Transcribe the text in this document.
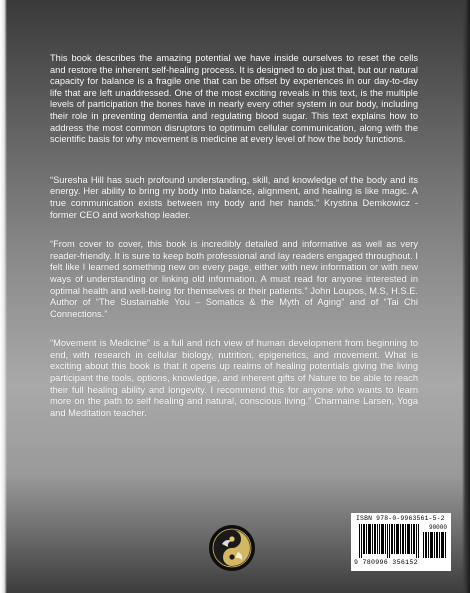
This book describes the amazing potential we have inside ourselves to reset the cells and restore the inherent self-healing process. It is designed to do just that, but our natural capacity for balance is a fragile one that can be offset by experiences in our day-to-day life that are left unaddressed. One of the most exciting reveals in this text, is the multiple levels of participation the bones have in nearly every other system in our body, including their role in preventing dementia and regulating blood sugar. This text explains how to address the most common disruptors to optimum cellular communication, along with the scientific basis for why movement is medicine at every level of how the body functions.

“Suresha Hill has such profound understanding, skill, and knowledge of the body and its energy. Her ability to bring my body into balance, alignment, and healing is like magic. A true communication exists between my body and her hands.” Krystina Demkowicz - former CEO and workshop leader.

“From cover to cover, this book is incredibly detailed and informative as well as very reader-friendly. It is sure to keep both professional and lay readers engaged throughout. I felt like I learned something new on every page, either with new information or with new ways of understanding or linking old information. A must read for anyone interested in optimal health and well-being for themselves or their patients.” John Loupos, M.S, H.S.E. Author of “The Sustainable You – Somatics & the Myth of Aging” and of “Tai Chi Connections.”

“Movement is Medicine” is a full and rich view of human development from beginning to end, with research in cellular biology, nutrition, epigenetics, and movement. What is exciting about this book is that it opens up realms of healing potentials giving the living participant the tools, options, knowledge, and inherent gifts of Nature to be able to reach their full healing ability and longevity. I recommend this for anyone who wants to learn more on the path to self healing and natural, conscious living.” Charmaine Larsen, Yoga and Meditation teacher.

ISBN 978-0-9963561-5-2
90000
9 780996 356152
